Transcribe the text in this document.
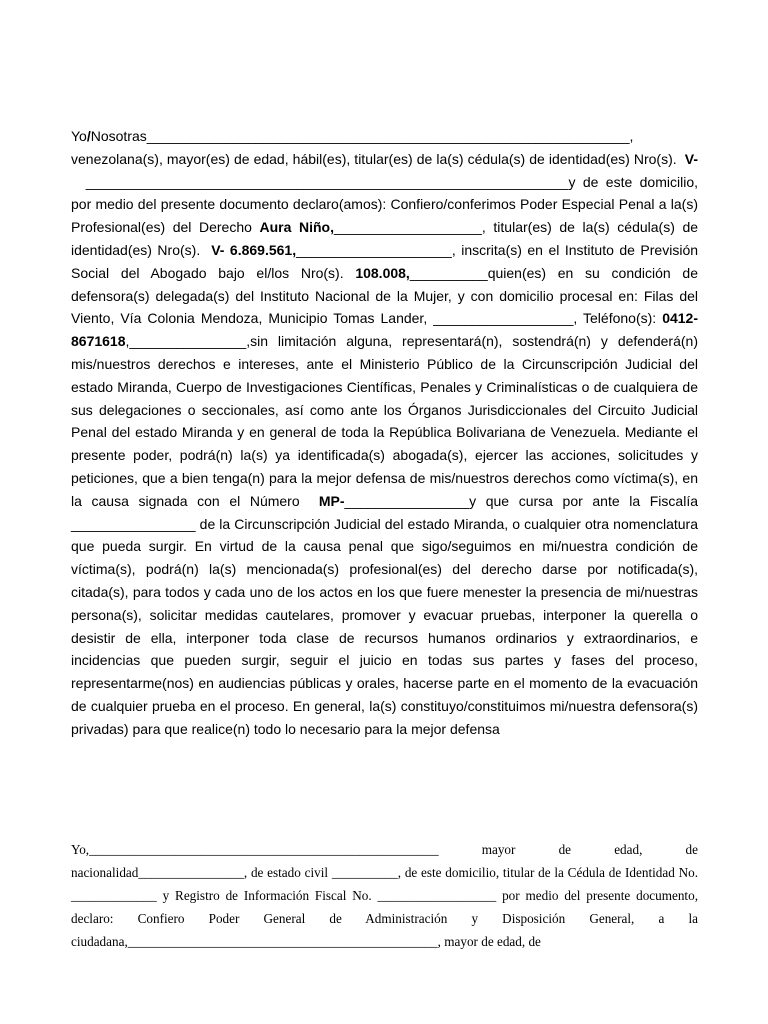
Yo/Nosotras______________________________________________________________, venezolana(s), mayor(es) de edad, hábil(es), titular(es) de la(s) cédula(s) de identidad(es) Nro(s). V-  ______________________________________________________________y de este domicilio, por medio del presente documento declaro(amos): Confiero/conferimos Poder Especial Penal a la(s) Profesional(es) del Derecho Aura Niño,___________________, titular(es) de la(s) cédula(s) de identidad(es) Nro(s). V- 6.869.561,____________________, inscrita(s) en el Instituto de Previsión Social del Abogado bajo el/los Nro(s). 108.008,__________quien(es) en su condición de defensora(s) delegada(s) del Instituto Nacional de la Mujer, y con domicilio procesal en: Filas del Viento, Vía Colonia Mendoza, Municipio Tomas Lander, __________________, Teléfono(s): 0412-8671618,_______________,sin limitación alguna, representará(n), sostendrá(n) y defenderá(n) mis/nuestros derechos e intereses, ante el Ministerio Público de la Circunscripción Judicial del estado Miranda, Cuerpo de Investigaciones Científicas, Penales y Criminalísticas o de cualquiera de sus delegaciones o seccionales, así como ante los Órganos Jurisdiccionales del Circuito Judicial Penal del estado Miranda y en general de toda la República Bolivariana de Venezuela. Mediante el presente poder, podrá(n) la(s) ya identificada(s) abogada(s), ejercer las acciones, solicitudes y peticiones, que a bien tenga(n) para la mejor defensa de mis/nuestros derechos como víctima(s), en la causa signada con el Número MP-________________y que cursa por ante la Fiscalía ________________ de la Circunscripción Judicial del estado Miranda, o cualquier otra nomenclatura que pueda surgir. En virtud de la causa penal que sigo/seguimos en mi/nuestra condición de víctima(s), podrá(n) la(s) mencionada(s) profesional(es) del derecho darse por notificada(s), citada(s), para todos y cada uno de los actos en los que fuere menester la presencia de mi/nuestras persona(s), solicitar medidas cautelares, promover y evacuar pruebas, interponer la querella o desistir de ella, interponer toda clase de recursos humanos ordinarios y extraordinarios, e incidencias que pueden surgir, seguir el juicio en todas sus partes y fases del proceso, representarme(nos) en audiencias públicas y orales, hacerse parte en el momento de la evacuación de cualquier prueba en el proceso. En general, la(s) constituyo/constituimos mi/nuestra defensora(s) privadas) para que realice(n) todo lo necesario para la mejor defensa

Yo,_____________________________________________________ mayor de edad, de nacionalidad________________, de estado civil __________, de este domicilio, titular de la Cédula de Identidad No. _____________ y Registro de Información Fiscal No. __________________ por medio del presente documento, declaro: Confiero Poder General de Administración y Disposición General, a la ciudadana,_______________________________________________, mayor de edad, de
